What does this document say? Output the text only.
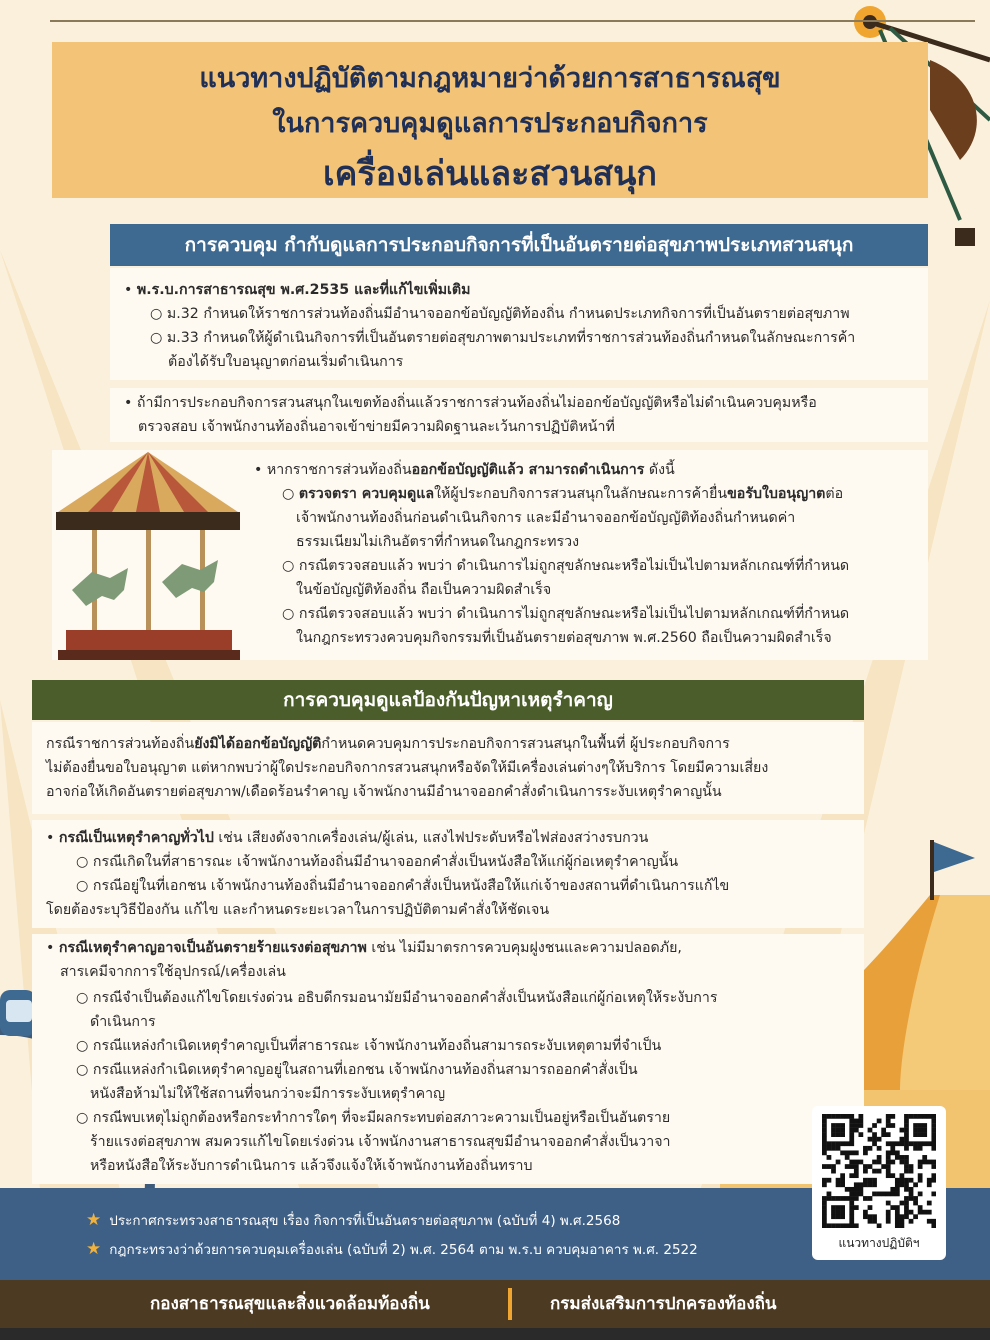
แนวทางปฏิบัติตามกฎหมายว่าด้วยการสาธารณสุข
ในการควบคุมดูแลการประกอบกิจการ
เครื่องเล่นและสวนสนุก
การควบคุม กำกับดูแลการประกอบกิจการที่เป็นอันตรายต่อสุขภาพประเภทสวนสนุก
• พ.ร.บ.การสาธารณสุข พ.ศ.2535 และที่แก้ไขเพิ่มเติม
○ ม.32 กำหนดให้ราชการส่วนท้องถิ่นมีอำนาจออกข้อบัญญัติท้องถิ่น กำหนดประเภทกิจการที่เป็นอันตรายต่อสุขภาพ
○ ม.33 กำหนดให้ผู้ดำเนินกิจการที่เป็นอันตรายต่อสุขภาพตามประเภทที่ราชการส่วนท้องถิ่นกำหนดในลักษณะการค้า
ต้องได้รับใบอนุญาตก่อนเริ่มดำเนินการ
• ถ้ามีการประกอบกิจการสวนสนุกในเขตท้องถิ่นแล้วราชการส่วนท้องถิ่นไม่ออกข้อบัญญัติหรือไม่ดำเนินควบคุมหรือ
ตรวจสอบ เจ้าพนักงานท้องถิ่นอาจเข้าข่ายมีความผิดฐานละเว้นการปฏิบัติหน้าที่
• หากราชการส่วนท้องถิ่นออกข้อบัญญัติแล้ว สามารถดำเนินการ ดังนี้
○ ตรวจตรา ควบคุมดูแลให้ผู้ประกอบกิจการสวนสนุกในลักษณะการค้ายื่นขอรับใบอนุญาตต่อ
เจ้าพนักงานท้องถิ่นก่อนดำเนินกิจการ และมีอำนาจออกข้อบัญญัติท้องถิ่นกำหนดค่า
ธรรมเนียมไม่เกินอัตราที่กำหนดในกฎกระทรวง
○ กรณีตรวจสอบแล้ว พบว่า ดำเนินการไม่ถูกสุขลักษณะหรือไม่เป็นไปตามหลักเกณฑ์ที่กำหนด
ในข้อบัญญัติท้องถิ่น ถือเป็นความผิดสำเร็จ
○ กรณีตรวจสอบแล้ว พบว่า ดำเนินการไม่ถูกสุขลักษณะหรือไม่เป็นไปตามหลักเกณฑ์ที่กำหนด
ในกฎกระทรวงควบคุมกิจกรรมที่เป็นอันตรายต่อสุขภาพ พ.ศ.2560 ถือเป็นความผิดสำเร็จ
การควบคุมดูแลป้องกันปัญหาเหตุรำคาญ
กรณีราชการส่วนท้องถิ่นยังมิได้ออกข้อบัญญัติกำหนดควบคุมการประกอบกิจการสวนสนุกในพื้นที่ ผู้ประกอบกิจการ
ไม่ต้องยื่นขอใบอนุญาต แต่หากพบว่าผู้ใดประกอบกิจกากรสวนสนุกหรือจัดให้มีเครื่องเล่นต่างๆให้บริการ โดยมีความเสี่ยง
อาจก่อให้เกิดอันตรายต่อสุขภาพ/เดือดร้อนรำคาญ เจ้าพนักงานมีอำนาจออกคำสั่งดำเนินการระงับเหตุรำคาญนั้น
• กรณีเป็นเหตุรำคาญทั่วไป เช่น เสียงดังจากเครื่องเล่น/ผู้เล่น, แสงไฟประดับหรือไฟส่องสว่างรบกวน
○ กรณีเกิดในที่สาธารณะ เจ้าพนักงานท้องถิ่นมีอำนาจออกคำสั่งเป็นหนังสือให้แก่ผู้ก่อเหตุรำคาญนั้น
○ กรณีอยู่ในที่เอกชน เจ้าพนักงานท้องถิ่นมีอำนาจออกคำสั่งเป็นหนังสือให้แก่เจ้าของสถานที่ดำเนินการแก้ไข
โดยต้องระบุวิธีป้องกัน แก้ไข และกำหนดระยะเวลาในการปฏิบัติตามคำสั่งให้ชัดเจน
• กรณีเหตุรำคาญอาจเป็นอันตรายร้ายแรงต่อสุขภาพ เช่น ไม่มีมาตรการควบคุมฝูงชนและความปลอดภัย,
สารเคมีจากการใช้อุปกรณ์/เครื่องเล่น
○ กรณีจำเป็นต้องแก้ไขโดยเร่งด่วน อธิบดีกรมอนามัยมีอำนาจออกคำสั่งเป็นหนังสือแก่ผู้ก่อเหตุให้ระงับการ
ดำเนินการ
○ กรณีแหล่งกำเนิดเหตุรำคาญเป็นที่สาธารณะ เจ้าพนักงานท้องถิ่นสามารถระงับเหตุตามที่จำเป็น
○ กรณีแหล่งกำเนิดเหตุรำคาญอยู่ในสถานที่เอกชน เจ้าพนักงานท้องถิ่นสามารถออกคำสั่งเป็น
หนังสือห้ามไม่ให้ใช้สถานที่จนกว่าจะมีการระงับเหตุรำคาญ
○ กรณีพบเหตุไม่ถูกต้องหรือกระทำการใดๆ ที่จะมีผลกระทบต่อสภาวะความเป็นอยู่หรือเป็นอันตราย
ร้ายแรงต่อสุขภาพ สมควรแก้ไขโดยเร่งด่วน เจ้าพนักงานสาธารณสุขมีอำนาจออกคำสั่งเป็นวาจา
หรือหนังสือให้ระงับการดำเนินการ แล้วจึงแจ้งให้เจ้าพนักงานท้องถิ่นทราบ
★ ประกาศกระทรวงสาธารณสุข เรื่อง กิจการที่เป็นอันตรายต่อสุขภาพ (ฉบับที่ 4) พ.ศ.2568
★ กฎกระทรวงว่าด้วยการควบคุมเครื่องเล่น (ฉบับที่ 2) พ.ศ. 2564 ตาม พ.ร.บ ควบคุมอาคาร พ.ศ. 2522	แนวทางปฏิบัติฯ
กองสาธารณสุขและสิ่งแวดล้อมท้องถิ่น	กรมส่งเสริมการปกครองท้องถิ่น
